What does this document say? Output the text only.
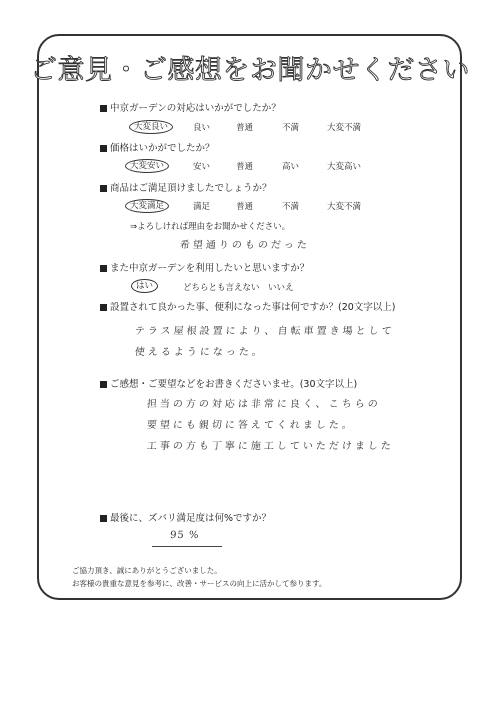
ご意見・ご感想をお聞かせください
中京ガーデンの対応はいかがでしたか？
大変良い	良い	普通	不満	大変不満
価格はいかがでしたか？
大変安い	安い	普通	高い	大変高い
商品はご満足頂けましたでしょうか？
大変満足	満足	普通	不満	大変不満
⇒よろしければ理由をお聞かせください。
希望通りのものだった
また中京ガーデンを利用したいと思いますか？
はい	どちらとも言えない いいえ
設置されて良かった事、便利になった事は何ですか？(20文字以上)
テラス屋根設置により、自転車置き場として
使えるようになった。
ご感想・ご要望などをお書きくださいませ。(30文字以上)
担当の方の対応は非常に良く、こちらの
要望にも親切に答えてくれました。
工事の方も丁寧に施工していただけました
最後に、ズバリ満足度は何%ですか？
95 %
ご協力頂き、誠にありがとうございました。
お客様の貴重な意見を参考に、改善・サービスの向上に活かして参ります。
